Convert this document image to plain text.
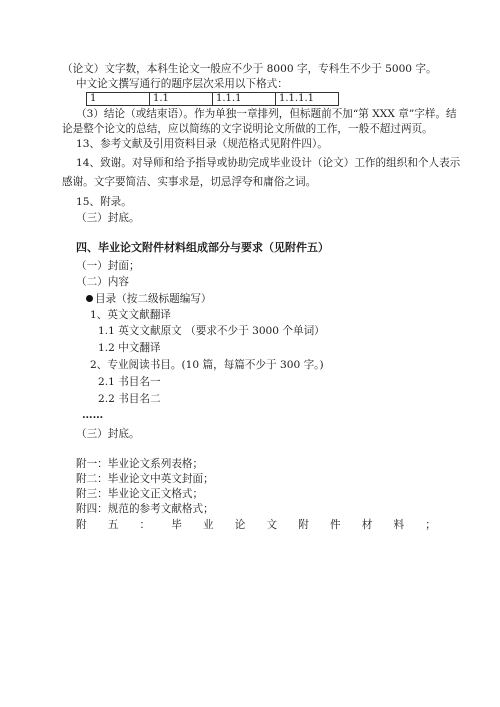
（论文）文字数，本科生论文一般应不少于 8000 字，专科生不少于 5000 字。
中文论文撰写通行的题序层次采用以下格式：
1	1.1	1.1.1	1.1.1.1
（3）结论（或结束语）。作为单独一章排列，但标题前不加“第 XXX 章”字样。结
论是整个论文的总结，应以简练的文字说明论文所做的工作，一般不超过两页。
13、参考文献及引用资料目录（规范格式见附件四）。
14、致谢。对导师和给予指导或协助完成毕业设计（论文）工作的组织和个人表示
感谢。文字要简洁、实事求是，切忌浮夸和庸俗之词。
15、附录。
（三）封底。
四、毕业论文附件材料组成部分与要求（见附件五）
（一）封面；
（二）内容
目录（按二级标题编写）
1、英文文献翻译
1.1 英文文献原文 （要求不少于 3000 个单词）
1.2 中文翻译
2、专业阅读书目。(10 篇，每篇不少于 300 字。)
2.1 书目名一
2.2 书目名二
……
（三）封底。
附一：毕业论文系列表格；
附二：毕业论文中英文封面；
附三：毕业论文正文格式；
附四：规范的参考文献格式；
附 五 ： 毕 业 论 文 附 件 材 料 ；
